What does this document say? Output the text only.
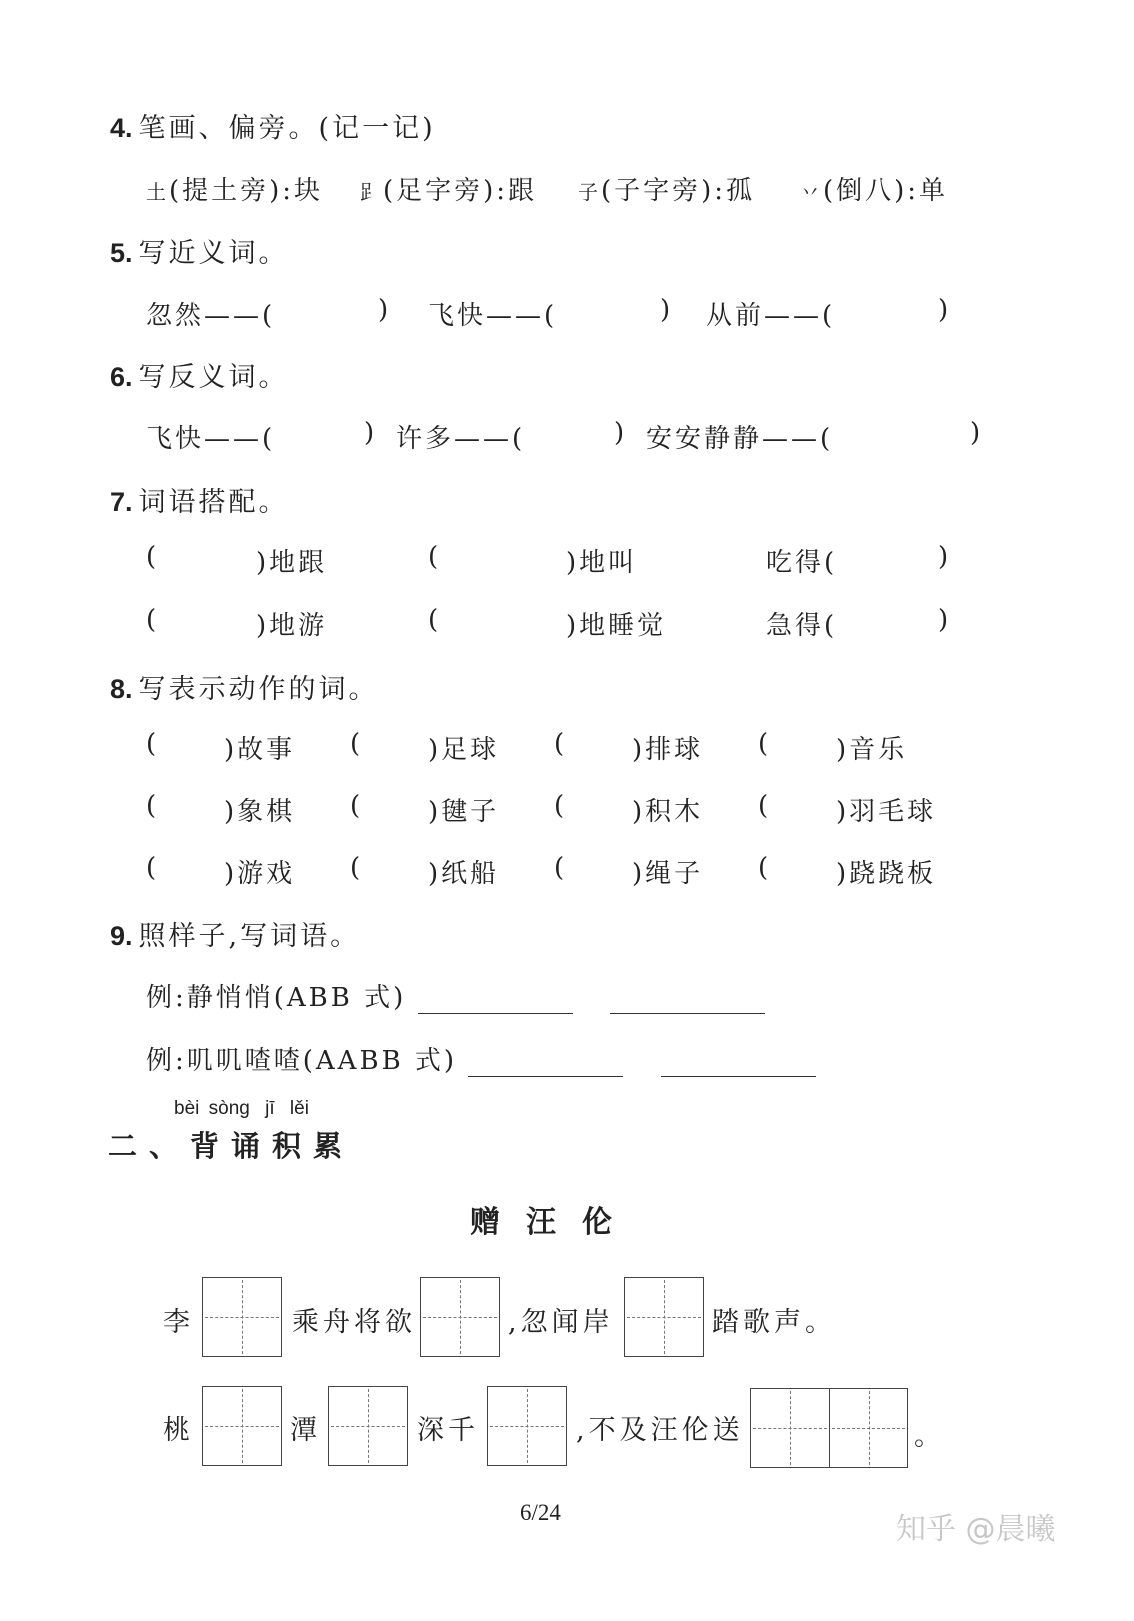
4. 笔画、偏旁。(记一记)
土(提土旁):块 𧾷(足字旁):跟 子(子字旁):孤 丷(倒八):单
5. 写近义词。
忽然——(	) 飞快——(	) 从前——(	)
6. 写反义词。
飞快——(	) 许多——(	) 安安静静——(	)
7. 词语搭配。
(	)地跟	(	)地叫	吃得(	)
(	)地游	(	)地睡觉	急得(	)
8. 写表示动作的词。
( )故事 ( )足球 ( )排球 ( )音乐
( )象棋 ( )毽子 ( )积木 ( )羽毛球
( )游戏 ( )纸船 ( )绳子 ( )跷跷板
9. 照样子,写词语。
例:静悄悄(ABB 式)
例:叽叽喳喳(AABB 式)
bèi sòng jī lěi
二、背诵积累
赠汪伦
李	乘舟将欲	,忽闻岸	踏歌声。
桃	潭	深千	,不及汪伦送	。
6/24	知乎 @晨曦
